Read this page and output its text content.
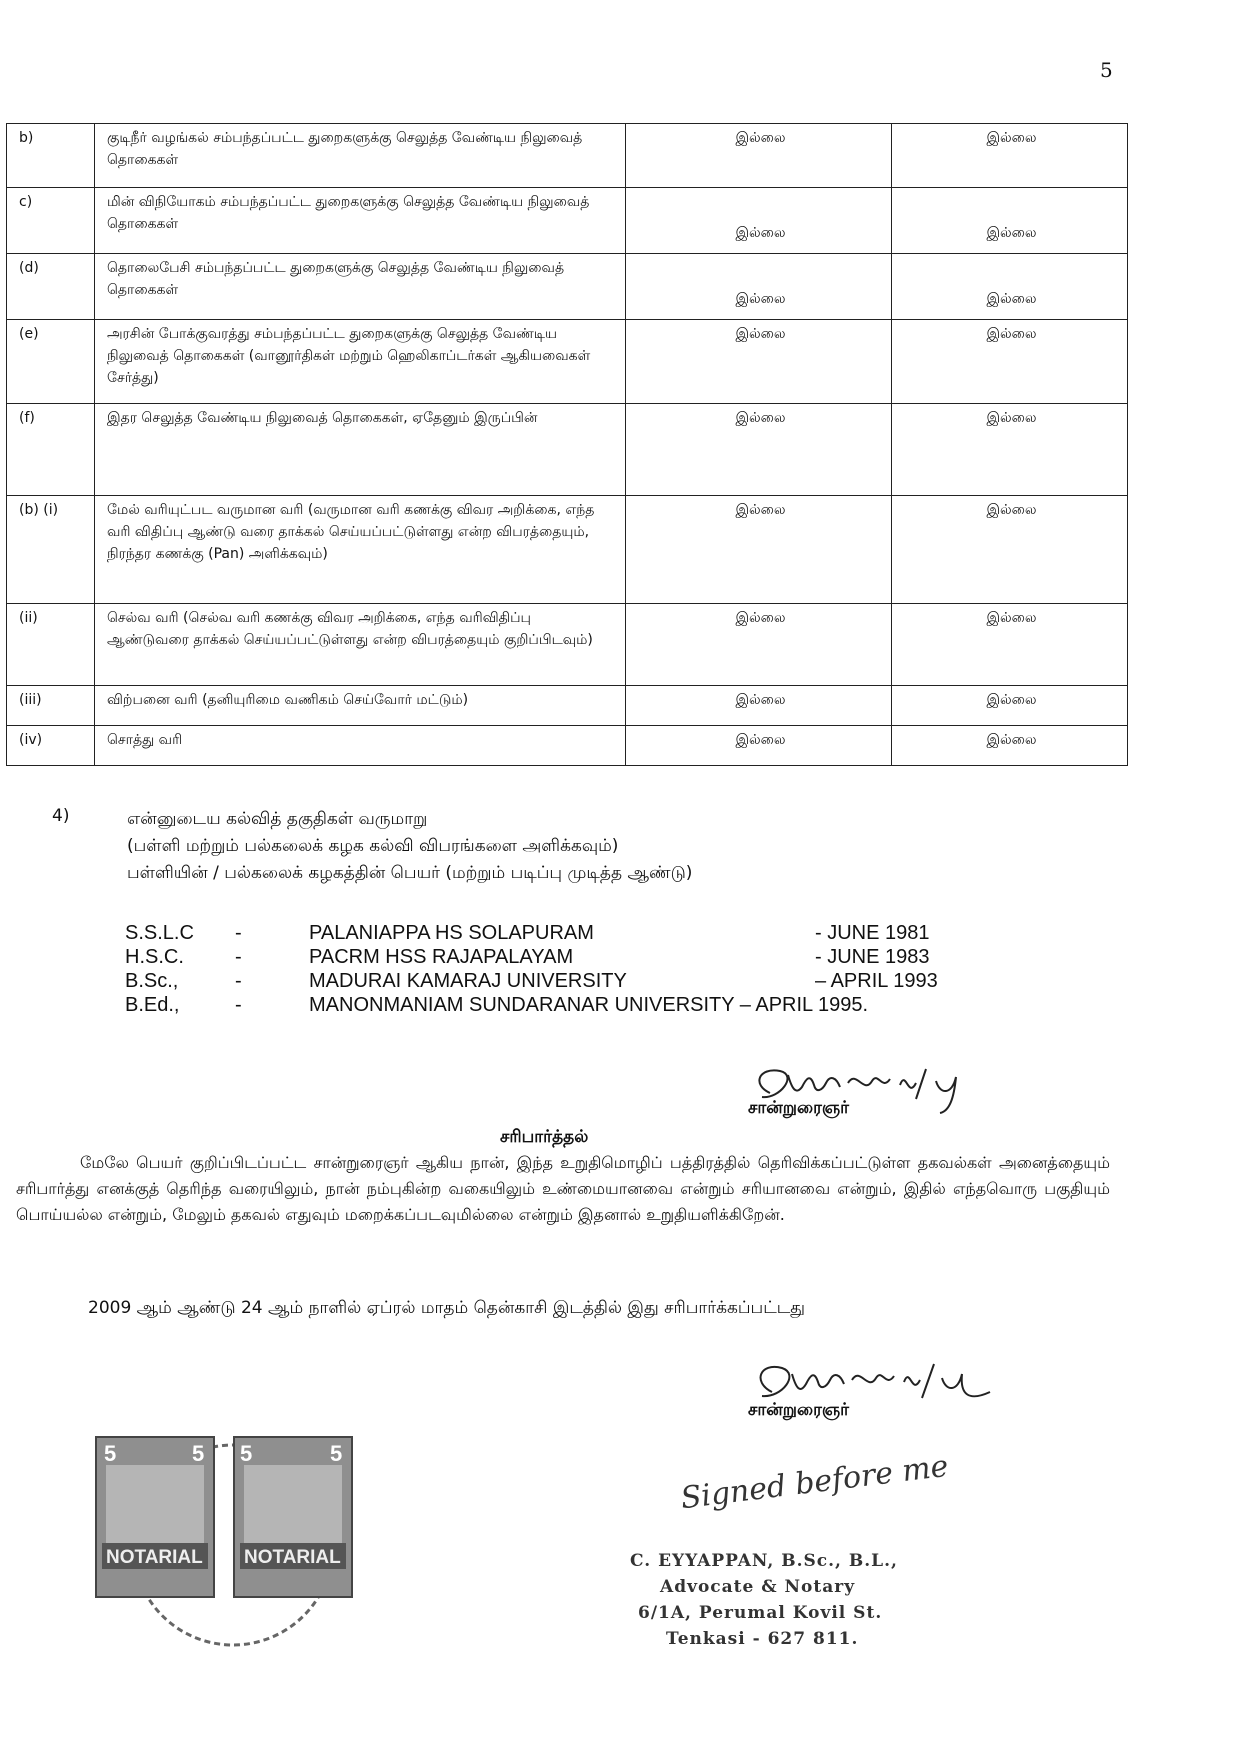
5
b)	குடிநீர் வழங்கல் சம்பந்தப்பட்ட துறைகளுக்கு செலுத்த வேண்டிய நிலுவைத் தொகைகள்	இல்லை	இல்லை
c)	மின் விநியோகம் சம்பந்தப்பட்ட துறைகளுக்கு செலுத்த வேண்டிய நிலுவைத் தொகைகள்	இல்லை	இல்லை
(d)	தொலைபேசி சம்பந்தப்பட்ட துறைகளுக்கு செலுத்த வேண்டிய நிலுவைத் தொகைகள்	இல்லை	இல்லை
(e)	அரசின் போக்குவரத்து சம்பந்தப்பட்ட துறைகளுக்கு செலுத்த வேண்டிய நிலுவைத் தொகைகள் (வானூர்திகள் மற்றும் ஹெலிகாப்டர்கள் ஆகியவைகள் சேர்த்து)	இல்லை	இல்லை
(f)	இதர செலுத்த வேண்டிய நிலுவைத் தொகைகள், ஏதேனும் இருப்பின்	இல்லை	இல்லை
(b) (i)	மேல் வரியுட்பட வருமான வரி (வருமான வரி கணக்கு விவர அறிக்கை, எந்த வரி விதிப்பு ஆண்டு வரை தாக்கல் செய்யப்பட்டுள்ளது என்ற விபரத்தையும், நிரந்தர கணக்கு (Pan) அளிக்கவும்)	இல்லை	இல்லை
(ii)	செல்வ வரி (செல்வ வரி கணக்கு விவர அறிக்கை, எந்த வரிவிதிப்பு ஆண்டுவரை தாக்கல் செய்யப்பட்டுள்ளது என்ற விபரத்தையும் குறிப்பிடவும்)	இல்லை	இல்லை
(iii)	விற்பனை வரி (தனியுரிமை வணிகம் செய்வோர் மட்டும்)	இல்லை	இல்லை
(iv)	சொத்து வரி	இல்லை	இல்லை
4)	என்னுடைய கல்வித் தகுதிகள் வருமாறு
(பள்ளி மற்றும் பல்கலைக் கழக கல்வி விபரங்களை அளிக்கவும்)
பள்ளியின் / பல்கலைக் கழகத்தின் பெயர் (மற்றும் படிப்பு முடித்த ஆண்டு)
S.S.L.C -	PALANIAPPA HS SOLAPURAM	- JUNE 1981
H.S.C.	-	PACRM HSS RAJAPALAYAM	- JUNE 1983
B.Sc.,	-	MADURAI KAMARAJ UNIVERSITY	– APRIL 1993
B.Ed.,	-	MANONMANIAM SUNDARANAR UNIVERSITY – APRIL 1995.
சான்றுரைஞர்
சரிபார்த்தல்

மேலே பெயர் குறிப்பிடப்பட்ட சான்றுரைஞர் ஆகிய நான், இந்த உறுதிமொழிப் பத்திரத்தில் தெரிவிக்கப்பட்டுள்ள தகவல்கள் அனைத்தையும் சரிபார்த்து எனக்குத் தெரிந்த வரையிலும், நான் நம்புகின்ற வகையிலும் உண்மையானவை என்றும் சரியானவை என்றும், இதில் எந்தவொரு பகுதியும் பொய்யல்ல என்றும், மேலும் தகவல் எதுவும் மறைக்கப்படவுமில்லை என்றும் இதனால் உறுதியளிக்கிறேன்.

2009 ஆம் ஆண்டு 24 ஆம் நாளில் ஏப்ரல் மாதம் தென்காசி இடத்தில் இது சரிபார்க்கப்பட்டது
சான்றுரைஞர்
Signed before me
5	5
NOTARIAL
5	5
NOTARIAL	C. EYYAPPAN, B.Sc., B.L.,
Advocate & Notary
6/1A, Perumal Kovil St.
Tenkasi - 627 811.
